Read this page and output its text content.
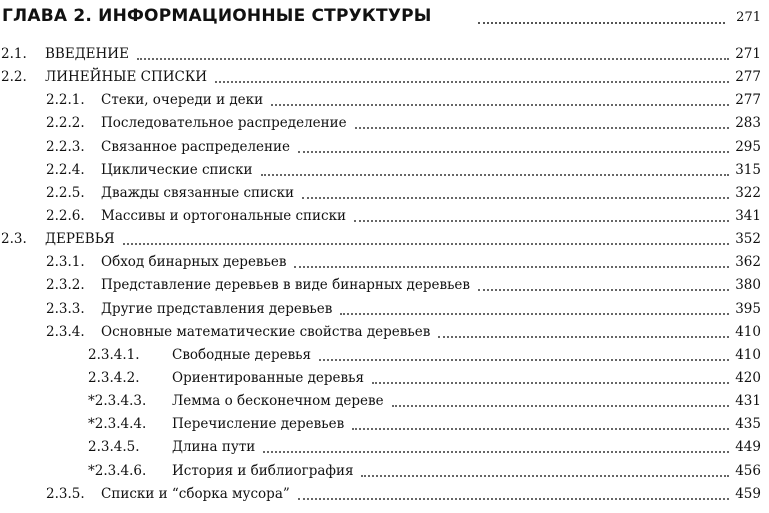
ГЛАВА 2. ИНФОРМАЦИОННЫЕ СТРУКТУРЫ	271
2.1. ВВЕДЕНИЕ	271
2.2. ЛИНЕЙНЫЕ СПИСКИ	277
2.2.1. Стеки, очереди и деки	277
2.2.2. Последовательное распределение	283
2.2.3. Связанное распределение	295
2.2.4. Циклические списки	315
2.2.5. Дважды связанные списки	322
2.2.6. Массивы и ортогональные списки	341
2.3. ДЕРЕВЬЯ	352
2.3.1. Обход бинарных деревьев	362
2.3.2. Представление деревьев в виде бинарных деревьев	380
2.3.3. Другие представления деревьев	395
2.3.4. Основные математические свойства деревьев	410
2.3.4.1. Свободные деревья	410
2.3.4.2. Ориентированные деревья	420
*2.3.4.3. Лемма о бесконечном дереве	431
*2.3.4.4. Перечисление деревьев	435
2.3.4.5. Длина пути	449
*2.3.4.6. История и библиография	456
2.3.5. Списки и “сборка мусора”	459
